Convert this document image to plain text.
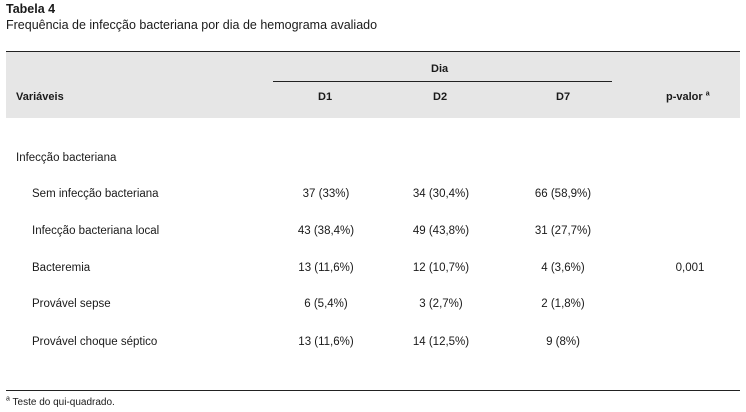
Tabela 4
Frequência de infecção bacteriana por dia de hemograma avaliado
Dia
Variáveis	D1	D2	D7	p-valor $^a$
Infecção bacteriana
Sem infecção bacteriana	37 (33%)	34 (30,4%)	66 (58,9%)
Infecção bacteriana local	43 (38,4%)	49 (43,8%)	31 (27,7%)
Bacteremia	13 (11,6%)	12 (10,7%)	4 (3,6%)	0,001
Provável sepse	6 (5,4%)	3 (2,7%)	2 (1,8%)
Provável choque séptico	13 (11,6%)	14 (12,5%)	9 (8%)
$^a$ Teste do qui-quadrado.
